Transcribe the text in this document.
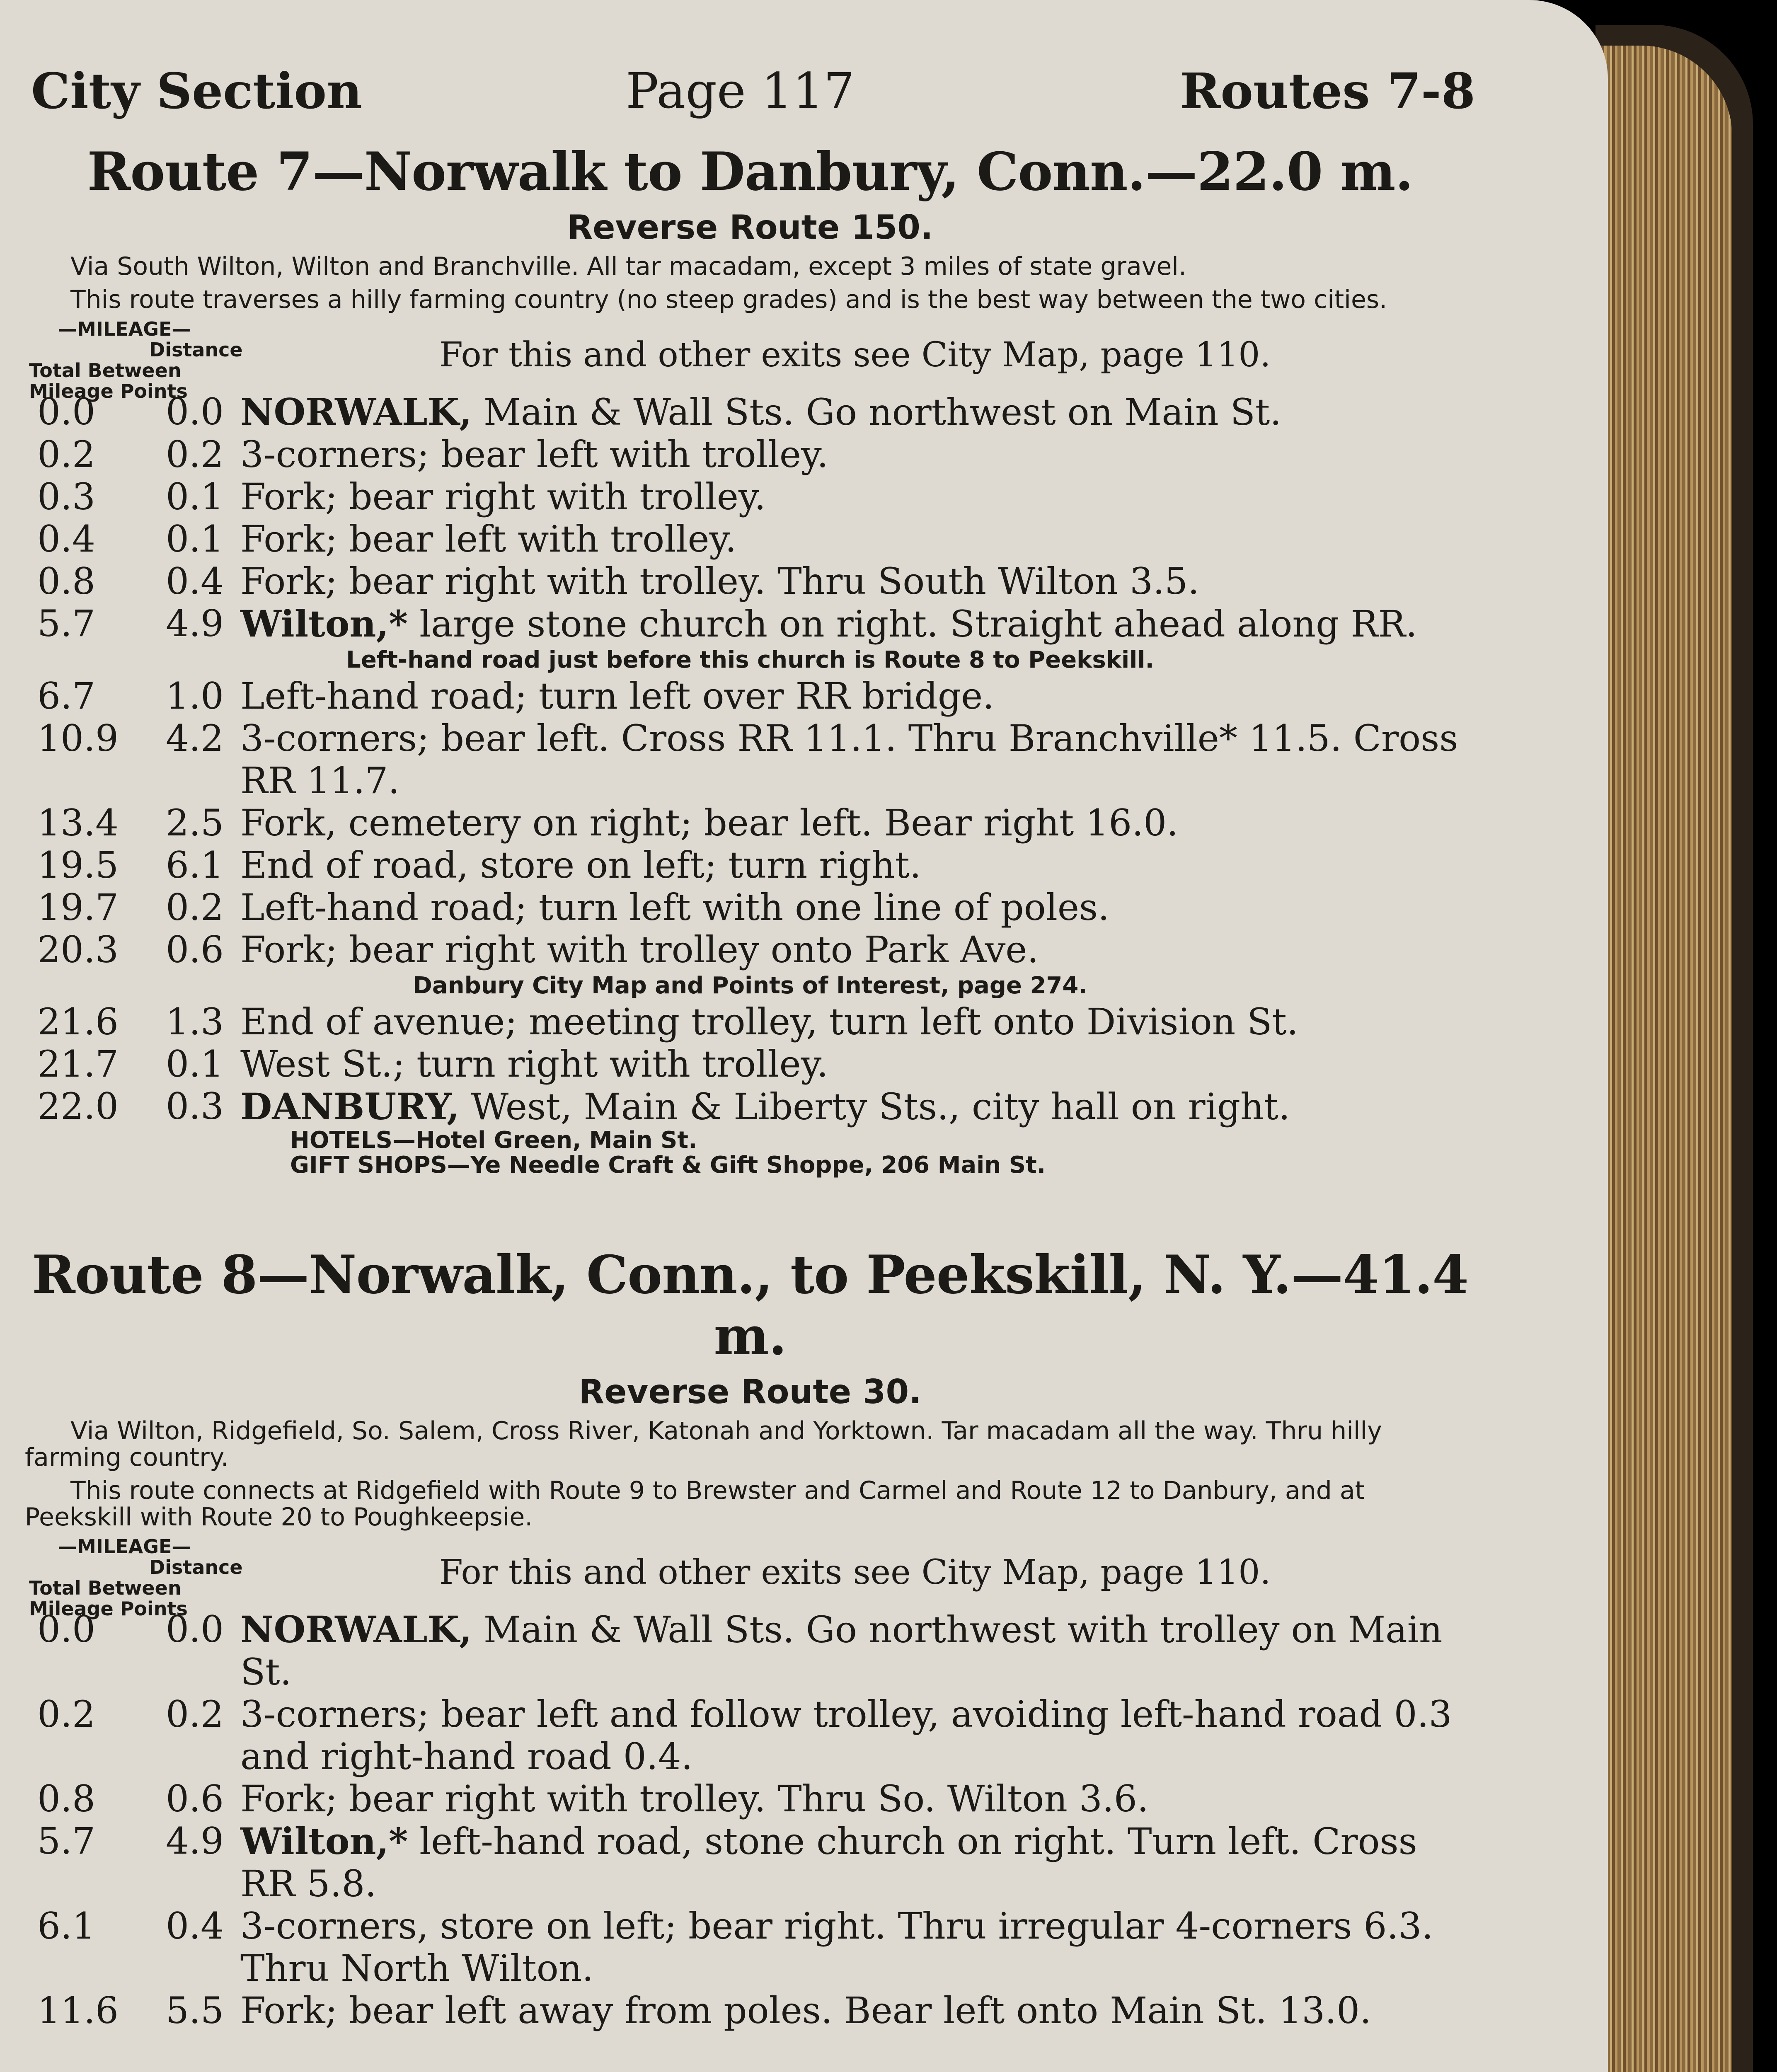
City Section	Page 117	Routes 7-8
Route 7—Norwalk to Danbury, Conn.—22.0 m.
Reverse Route 150.
Via South Wilton, Wilton and Branchville. All tar macadam, except 3 miles of state gravel.
This route traverses a hilly farming country (no steep grades) and is the best way between the two cities.
—MILEAGE—
Distance
Total Between
Mileage Points
For this and other exits see City Map, page 110.
0.0	0.0 NORWALK, Main & Wall Sts. Go northwest on Main St.
0.2	0.2 3-corners; bear left with trolley.
0.3	0.1 Fork; bear right with trolley.
0.4	0.1 Fork; bear left with trolley.
0.8	0.4 Fork; bear right with trolley. Thru South Wilton 3.5.
5.7	4.9 Wilton,* large stone church on right. Straight ahead along RR.
Left-hand road just before this church is Route 8 to Peekskill.
6.7	1.0 Left-hand road; turn left over RR bridge.
10.9	4.2 3-corners; bear left. Cross RR 11.1. Thru Branchville* 11.5. Cross RR 11.7.
13.4	2.5 Fork, cemetery on right; bear left. Bear right 16.0.
19.5	6.1 End of road, store on left; turn right.
19.7	0.2 Left-hand road; turn left with one line of poles.
20.3	0.6 Fork; bear right with trolley onto Park Ave.
Danbury City Map and Points of Interest, page 274.
21.6	1.3 End of avenue; meeting trolley, turn left onto Division St.
21.7	0.1 West St.; turn right with trolley.
22.0	0.3 DANBURY, West, Main & Liberty Sts., city hall on right.
HOTELS—Hotel Green, Main St.
GIFT SHOPS—Ye Needle Craft & Gift Shoppe, 206 Main St.
Route 8—Norwalk, Conn., to Peekskill, N. Y.—41.4 m.
Reverse Route 30.
Via Wilton, Ridgefield, So. Salem, Cross River, Katonah and Yorktown. Tar macadam all the way. Thru hilly farming country.
This route connects at Ridgefield with Route 9 to Brewster and Carmel and Route 12 to Danbury, and at Peekskill with Route 20 to Poughkeepsie.
—MILEAGE—
Distance
Total Between
Mileage Points
For this and other exits see City Map, page 110.
0.0	0.0 NORWALK, Main & Wall Sts. Go northwest with trolley on Main St.
0.2	0.2 3-corners; bear left and follow trolley, avoiding left-hand road 0.3 and right-hand road 0.4.
0.8	0.6 Fork; bear right with trolley. Thru So. Wilton 3.6.
5.7	4.9 Wilton,* left-hand road, stone church on right. Turn left. Cross RR 5.8.
6.1	0.4 3-corners, store on left; bear right. Thru irregular 4-corners 6.3. Thru North Wilton.
11.6	5.5 Fork; bear left away from poles. Bear left onto Main St. 13.0.
